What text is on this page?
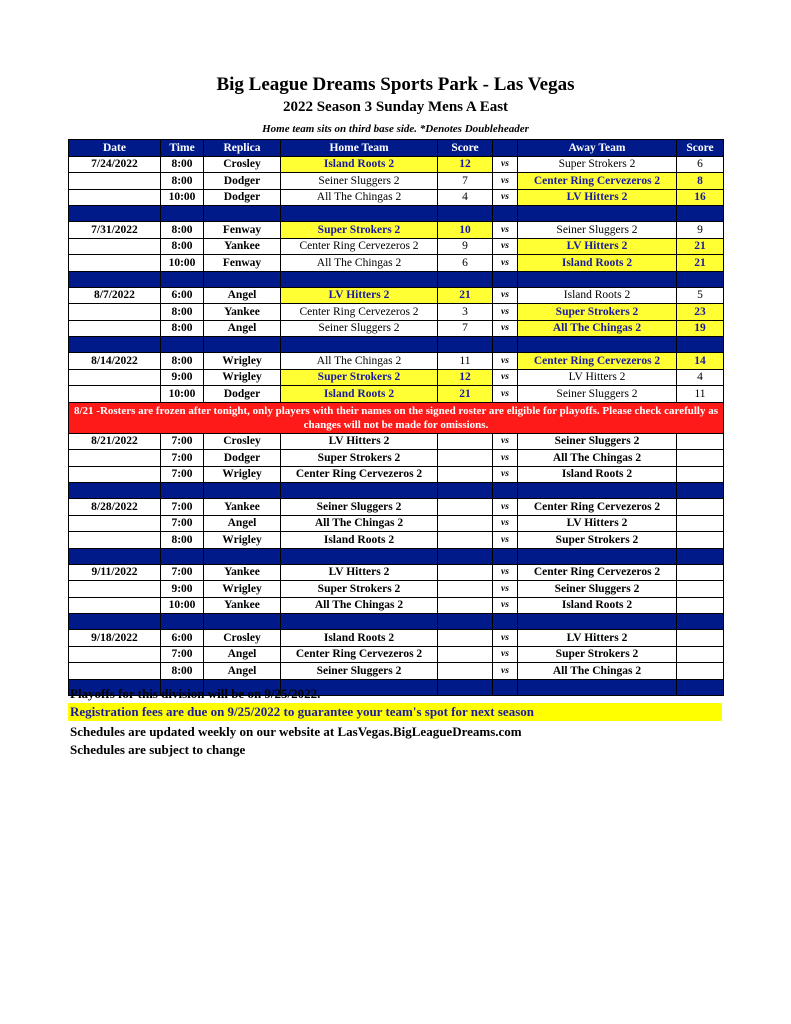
Big League Dreams Sports Park - Las Vegas
2022 Season 3 Sunday Mens A East
Home team sits on third base side. *Denotes Doubleheader
Date	Time	Replica	Home Team	Score		Away Team	Score
7/24/2022	8:00	Crosley	Island Roots 2	12	vs	Super Strokers 2	6
	8:00	Dodger	Seiner Sluggers 2	7	vs	Center Ring Cervezeros 2	8
	10:00	Dodger	All The Chingas 2	4	vs	LV Hitters 2	16

7/31/2022	8:00	Fenway	Super Strokers 2	10	vs	Seiner Sluggers 2	9
	8:00	Yankee	Center Ring Cervezeros 2	9	vs	LV Hitters 2	21
	10:00	Fenway	All The Chingas 2	6	vs	Island Roots 2	21

8/7/2022	6:00	Angel	LV Hitters 2	21	vs	Island Roots 2	5
	8:00	Yankee	Center Ring Cervezeros 2	3	vs	Super Strokers 2	23
	8:00	Angel	Seiner Sluggers 2	7	vs	All The Chingas 2	19

8/14/2022	8:00	Wrigley	All The Chingas 2	11	vs	Center Ring Cervezeros 2	14
	9:00	Wrigley	Super Strokers 2	12	vs	LV Hitters 2	4
	10:00	Dodger	Island Roots 2	21	vs	Seiner Sluggers 2	11
8/21 -Rosters are frozen after tonight, only players with their names on the signed roster are eligible for playoffs. Please check carefully as changes will not be made for omissions.							
8/21/2022	7:00	Crosley	LV Hitters 2		vs	Seiner Sluggers 2	
	7:00	Dodger	Super Strokers 2		vs	All The Chingas 2	
	7:00	Wrigley	Center Ring Cervezeros 2		vs	Island Roots 2	

8/28/2022	7:00	Yankee	Seiner Sluggers 2		vs	Center Ring Cervezeros 2	
	7:00	Angel	All The Chingas 2		vs	LV Hitters 2	
	8:00	Wrigley	Island Roots 2		vs	Super Strokers 2	

9/11/2022	7:00	Yankee	LV Hitters 2		vs	Center Ring Cervezeros 2	
	9:00	Wrigley	Super Strokers 2		vs	Seiner Sluggers 2	
	10:00	Yankee	All The Chingas 2		vs	Island Roots 2	

9/18/2022	6:00	Crosley	Island Roots 2		vs	LV Hitters 2	
	7:00	Angel	Center Ring Cervezeros 2		vs	Super Strokers 2	
	8:00	Angel	Seiner Sluggers 2		vs	All The Chingas 2	

Playoffs for this division will be on 9/25/2022.
Registration fees are due on 9/25/2022 to guarantee your team's spot for next season
Schedules are updated weekly on our website at LasVegas.BigLeagueDreams.com
Schedules are subject to change
